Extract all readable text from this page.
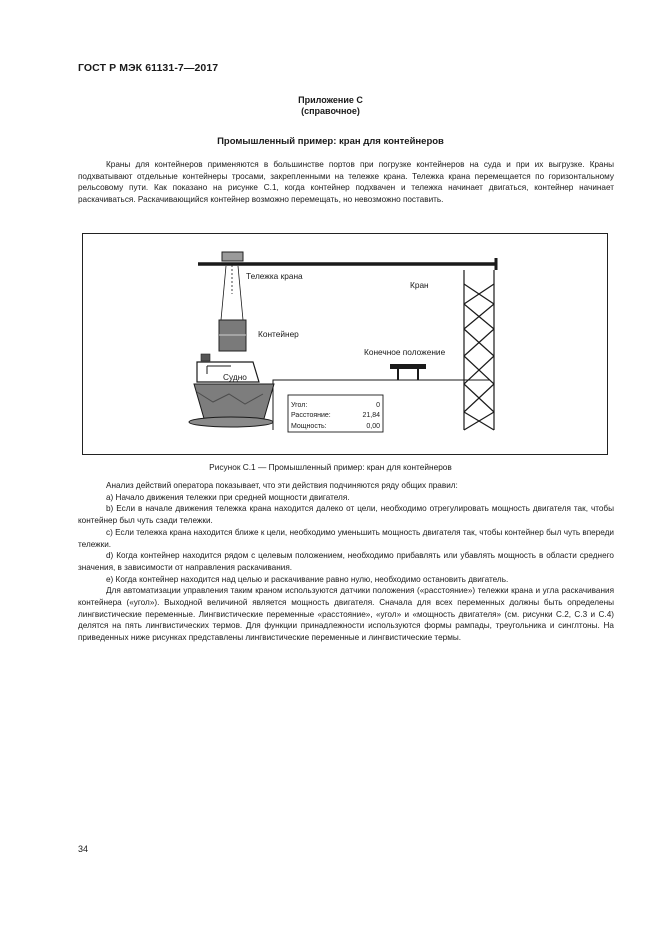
ГОСТ Р МЭК 61131-7—2017
Приложение С
(справочное)
Промышленный пример: кран для контейнеров

Краны для контейнеров применяются в большинстве портов при погрузке контейнеров на суда и при их выгрузке. Краны подхватывают отдельные контейнеры тросами, закрепленными на тележке крана. Тележка крана перемещается по горизонтальному рельсовому пути. Как показано на рисунке С.1, когда контейнер подхвачен и тележка начинает двигаться, контейнер начинает раскачиваться. Раскачивающийся контейнер возможно перемещать, но невозможно поставить.

Тележка крана
Кран
Контейнер
Конечное положение
Судно
Угол:	0
Расстояние:	21,84
Мощность:	0,00
Рисунок С.1 — Промышленный пример: кран для контейнеров

Анализ действий оператора показывает, что эти действия подчиняются ряду общих правил:

a) Начало движения тележки при средней мощности двигателя.

b) Если в начале движения тележка крана находится далеко от цели, необходимо отрегулировать мощность двигателя так, чтобы контейнер был чуть сзади тележки.

c) Если тележка крана находится ближе к цели, необходимо уменьшить мощность двигателя так, чтобы контейнер был чуть впереди тележки.

d) Когда контейнер находится рядом с целевым положением, необходимо прибавлять или убавлять мощность в области среднего значения, в зависимости от направления раскачивания.

e) Когда контейнер находится над целью и раскачивание равно нулю, необходимо остановить двигатель.

Для автоматизации управления таким краном используются датчики положения («расстояние») тележки крана и угла раскачивания контейнера («угол»). Выходной величиной является мощность двигателя. Сначала для всех переменных должны быть определены лингвистические переменные. Лингвистические переменные «расстояние», «угол» и «мощность двигателя» (см. рисунки С.2, С.3 и С.4) делятся на пять лингвистических термов. Для функции принадлежности используются формы рампады, треугольника и синглтоны. На приведенных ниже рисунках представлены лингвистические переменные и лингвистические термы.

34
